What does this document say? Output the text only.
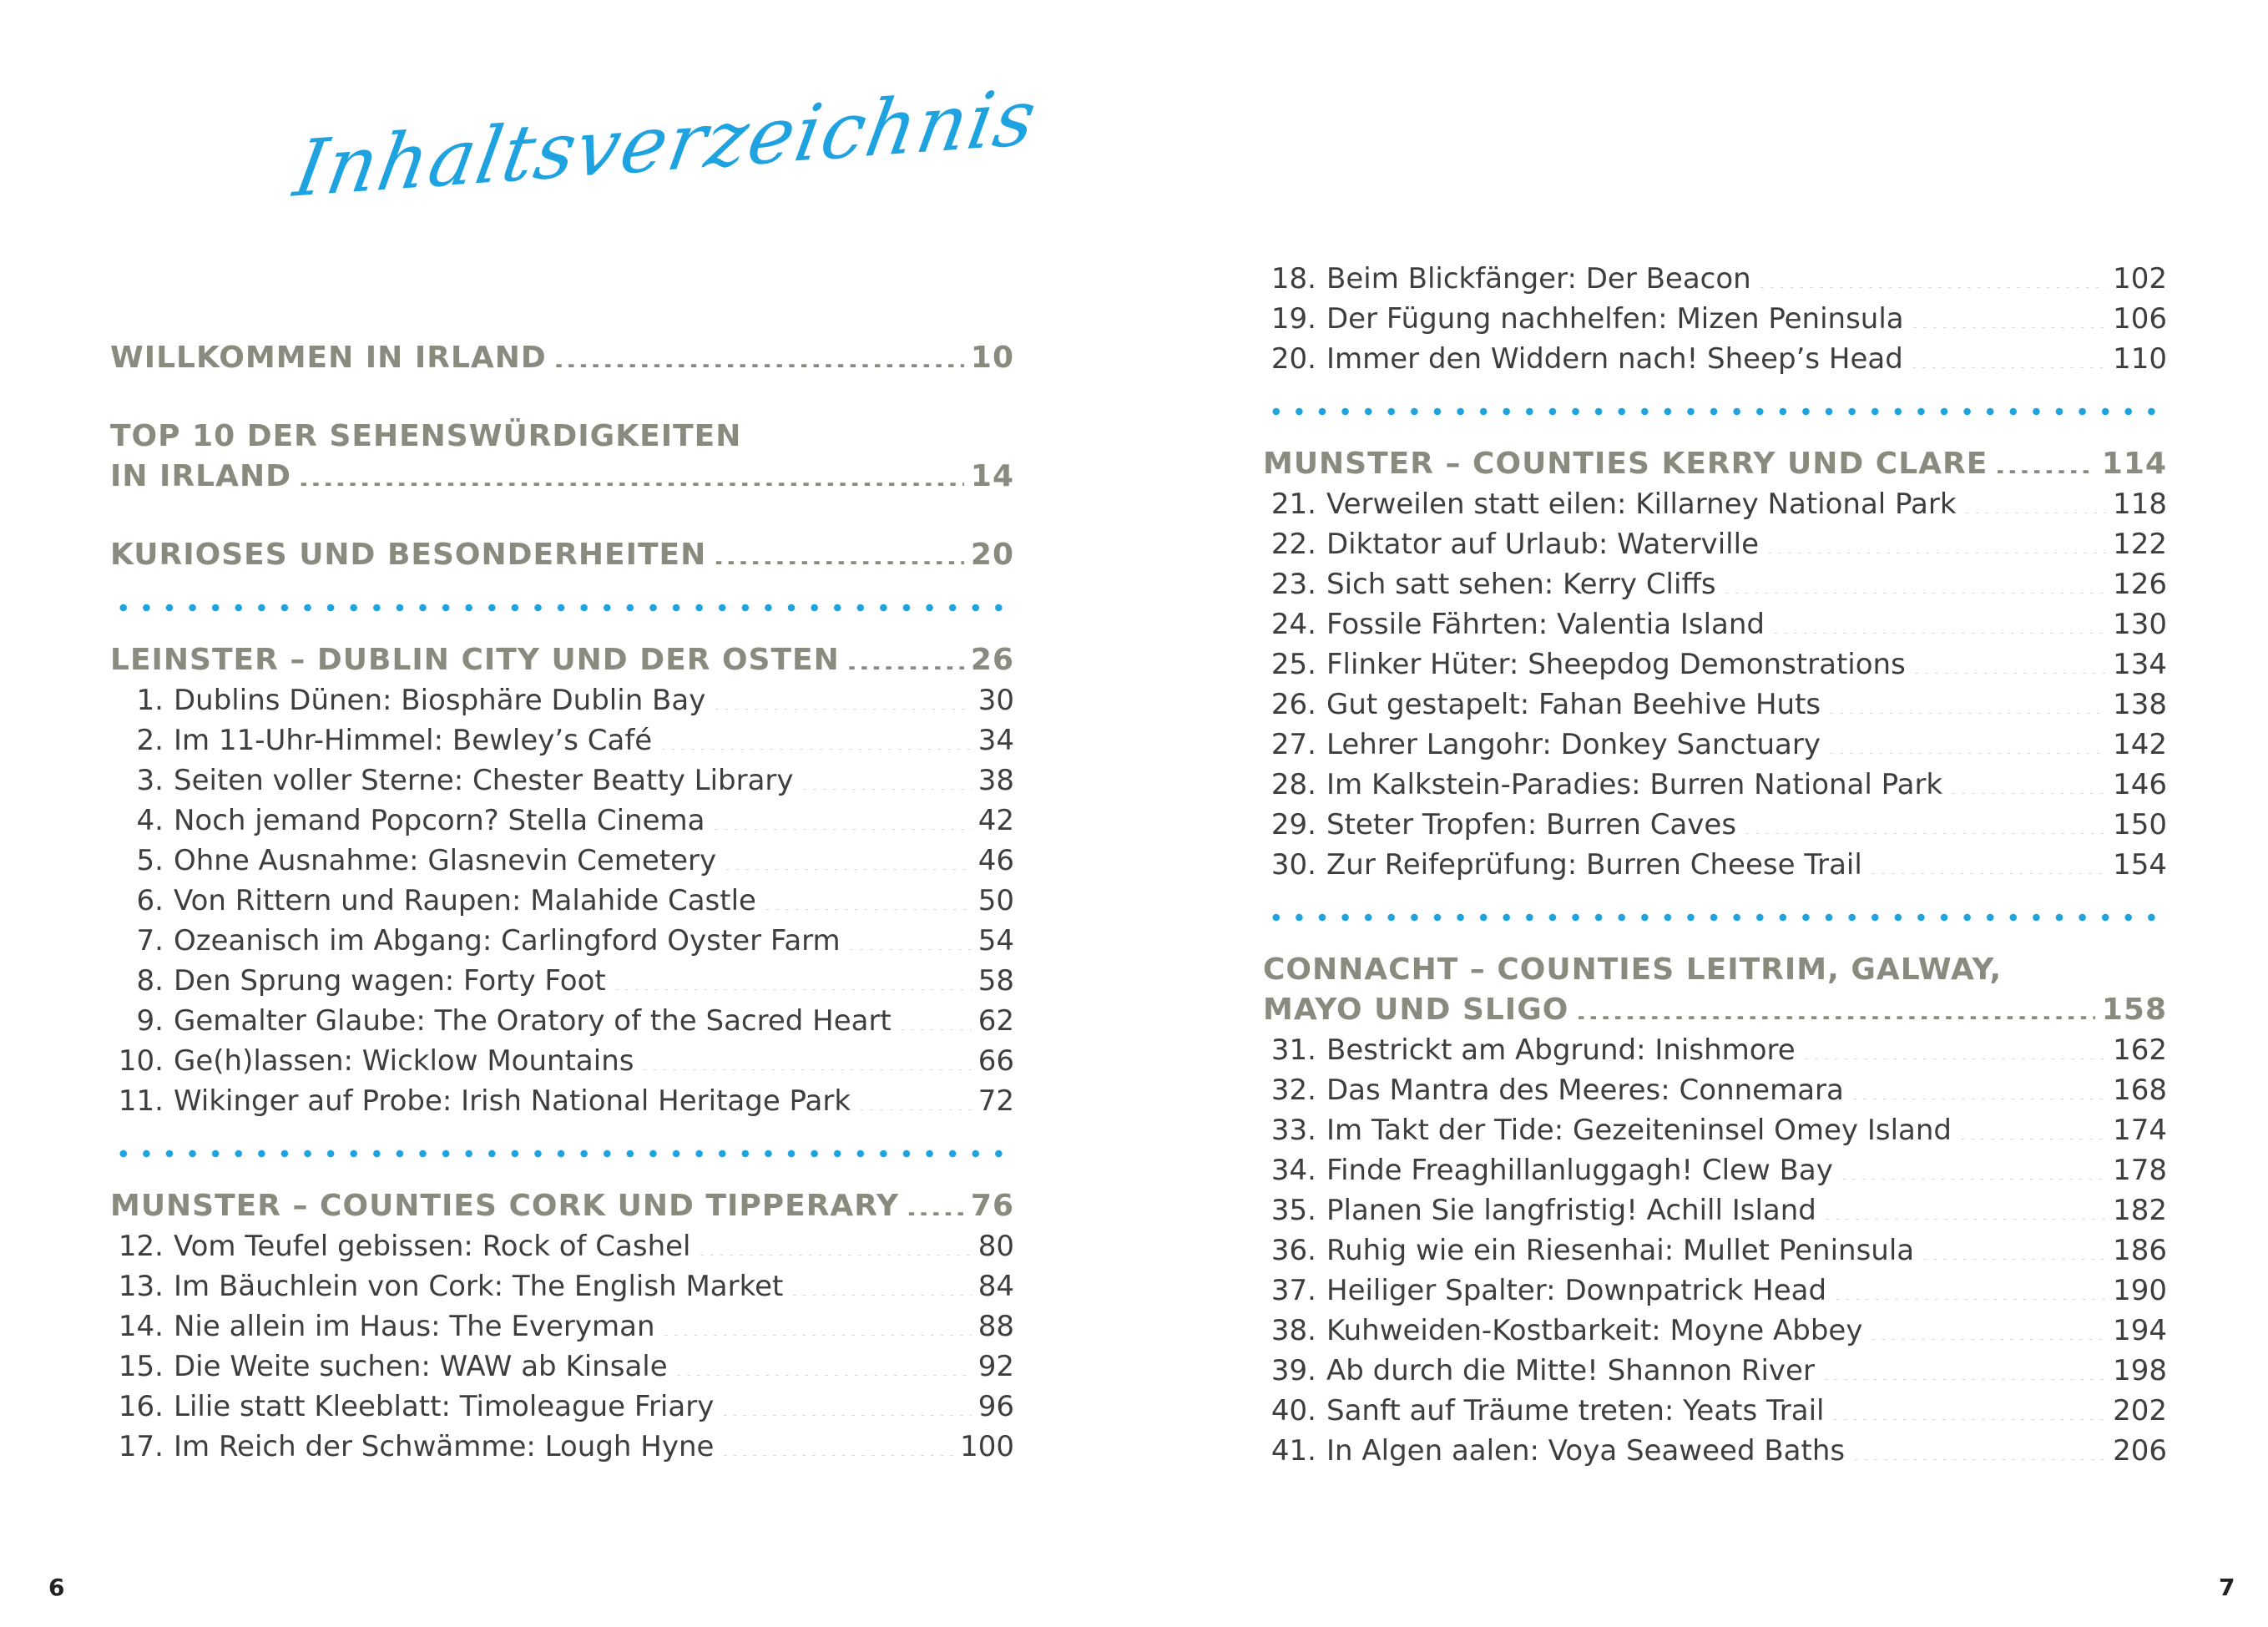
Inhaltsverzeichnis
WILLKOMMEN IN IRLAND .....	10
TOP 10 DER SEHENSWÜRDIGKEITEN
IN IRLAND .....	14
KURIOSES UND BESONDERHEITEN .....	20
LEINSTER – DUBLIN CITY UND DER OSTEN .....	26
1. Dublins Dünen: Biosphäre Dublin Bay .....	30
2. Im 11-Uhr-Himmel: Bewley’s Café .....	34
3. Seiten voller Sterne: Chester Beatty Library .....	38
4. Noch jemand Popcorn? Stella Cinema .....	42
5. Ohne Ausnahme: Glasnevin Cemetery .....	46
6. Von Rittern und Raupen: Malahide Castle .....	50
7. Ozeanisch im Abgang: Carlingford Oyster Farm .....	54
8. Den Sprung wagen: Forty Foot .....	58
9. Gemalter Glaube: The Oratory of the Sacred Heart .....	62
10. Ge(h)lassen: Wicklow Mountains .....	66
11. Wikinger auf Probe: Irish National Heritage Park .....	72
MUNSTER – COUNTIES CORK UND TIPPERARY ..... 76
12. Vom Teufel gebissen: Rock of Cashel .....	80
13. Im Bäuchlein von Cork: The English Market .....	84
14. Nie allein im Haus: The Everyman .....	88
15. Die Weite suchen: WAW ab Kinsale .....	92
16. Lilie statt Kleeblatt: Timoleague Friary .....	96
17. Im Reich der Schwämme: Lough Hyne .....	100
6
18. Beim Blickfänger: Der Beacon .....	102
19. Der Fügung nachhelfen: Mizen Peninsula .....	106
20. Immer den Widdern nach! Sheep’s Head .....	110
MUNSTER – COUNTIES KERRY UND CLARE .....	114
21. Verweilen statt eilen: Killarney National Park .....	118
22. Diktator auf Urlaub: Waterville .....	122
23. Sich satt sehen: Kerry Cliffs .....	126
24. Fossile Fährten: Valentia Island .....	130
25. Flinker Hüter: Sheepdog Demonstrations .....	134
26. Gut gestapelt: Fahan Beehive Huts .....	138
27. Lehrer Langohr: Donkey Sanctuary .....	142
28. Im Kalkstein-Paradies: Burren National Park .....	146
29. Steter Tropfen: Burren Caves .....	150
30. Zur Reifeprüfung: Burren Cheese Trail .....	154
CONNACHT – COUNTIES LEITRIM, GALWAY,
MAYO UND SLIGO .....	158
31. Bestrickt am Abgrund: Inishmore .....	162
32. Das Mantra des Meeres: Connemara .....	168
33. Im Takt der Tide: Gezeiteninsel Omey Island .....	174
34. Finde Freaghillanluggagh! Clew Bay .....	178
35. Planen Sie langfristig! Achill Island .....	182
36. Ruhig wie ein Riesenhai: Mullet Peninsula .....	186
37. Heiliger Spalter: Downpatrick Head .....	190
38. Kuhweiden-Kostbarkeit: Moyne Abbey .....	194
39. Ab durch die Mitte! Shannon River .....	198
40. Sanft auf Träume treten: Yeats Trail .....	202
41. In Algen aalen: Voya Seaweed Baths .....	206
7
